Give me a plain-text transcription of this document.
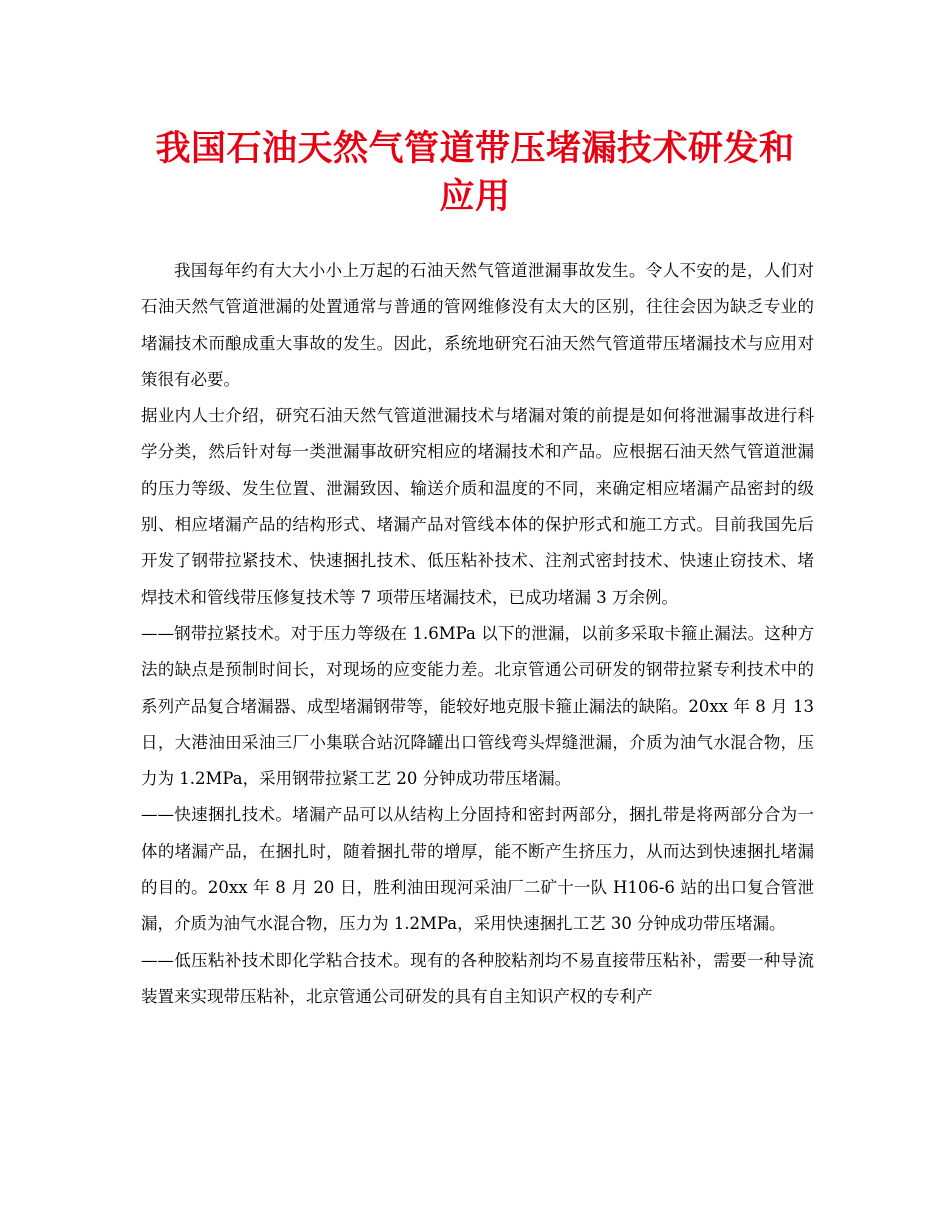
我国石油天然气管道带压堵漏技术研发和应用

我国每年约有大大小小上万起的石油天然气管道泄漏事故发生。令人不安的是，人们对石油天然气管道泄漏的处置通常与普通的管网维修没有太大的区别，往往会因为缺乏专业的堵漏技术而酿成重大事故的发生。因此，系统地研究石油天然气管道带压堵漏技术与应用对策很有必要。

据业内人士介绍，研究石油天然气管道泄漏技术与堵漏对策的前提是如何将泄漏事故进行科学分类，然后针对每一类泄漏事故研究相应的堵漏技术和产品。应根据石油天然气管道泄漏的压力等级、发生位置、泄漏致因、输送介质和温度的不同，来确定相应堵漏产品密封的级别、相应堵漏产品的结构形式、堵漏产品对管线本体的保护形式和施工方式。目前我国先后开发了钢带拉紧技术、快速捆扎技术、低压粘补技术、注剂式密封技术、快速止窃技术、堵焊技术和管线带压修复技术等 7 项带压堵漏技术，已成功堵漏 3 万余例。

——钢带拉紧技术。对于压力等级在 1.6MPa 以下的泄漏，以前多采取卡箍止漏法。这种方法的缺点是预制时间长，对现场的应变能力差。北京管通公司研发的钢带拉紧专利技术中的系列产品复合堵漏器、成型堵漏钢带等，能较好地克服卡箍止漏法的缺陷。20xx 年 8 月 13 日，大港油田采油三厂小集联合站沉降罐出口管线弯头焊缝泄漏，介质为油气水混合物，压力为 1.2MPa，采用钢带拉紧工艺 20 分钟成功带压堵漏。

——快速捆扎技术。堵漏产品可以从结构上分固持和密封两部分，捆扎带是将两部分合为一体的堵漏产品，在捆扎时，随着捆扎带的增厚，能不断产生挤压力，从而达到快速捆扎堵漏的目的。20xx 年 8 月 20 日，胜利油田现河采油厂二矿十一队 H106-6 站的出口复合管泄漏，介质为油气水混合物，压力为 1.2MPa，采用快速捆扎工艺 30 分钟成功带压堵漏。

——低压粘补技术即化学粘合技术。现有的各种胶粘剂均不易直接带压粘补，需要一种导流装置来实现带压粘补，北京管通公司研发的具有自主知识产权的专利产
